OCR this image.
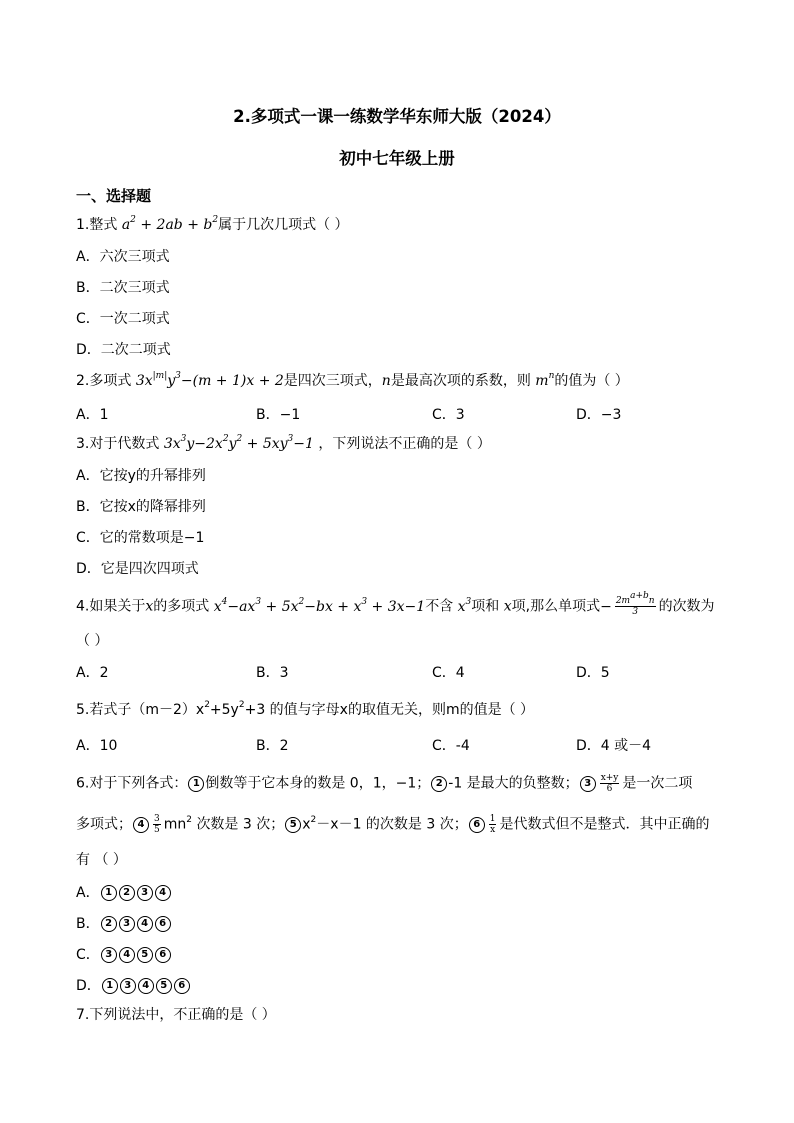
2.多项式一课一练数学华东师大版（2024）
初中七年级上册
一、选择题
1.整式 $a^2 + 2ab + b^2$属于几次几项式（ ）
A．六次三项式
B．二次三项式
C．一次二项式
D．二次二项式
2.多项式 $3x^{|m|}y^3-(m + 1)x + 2$是四次三项式，n是最高次项的系数，则 $m^n$的值为（ ）
A．1	B．−1	C．3	D．−3
3.对于代数式 $3x^3y-2x^2y^2 + 5xy^3-1$ ，下列说法不正确的是（ ）
A．它按y的升幂排列
B．它按x的降幂排列
C．它的常数项是−1
D．它是四次四项式
4.如果关于x的多项式 $x^4-ax^3 + 5x^2-bx + x^3 + 3x-1$不含 $x^3$项和 x项,那么单项式− $\frac{2m^{a+b}n}{3}$ 的次数为
（ ）
A．2	B．3	C．4	D．5
5.若式子$(m-2)x^2+5y^2+3$ 的值与字母x的取值无关，则m的值是（ ）
A．10	B．2	C．-4	D．4 或－4
6.对于下列各式： 1 倒数等于它本身的数是 0，1，−1； 2 -1 是最大的负整数； $3 \frac{x+y}{6}$ 是一次二项
多项式； $4 \frac{3}{5} mn^2$ 次数是 3 次； 5 $x^2-x-1$ 的次数是 3 次； $6 \frac{1}{x}$ 是代数式但不是整式．其中正确的
有 （ ）
A． 1 2 3 4
B． 2 3 4 6
C． 3 4 5 6
D． 1 3 4 5 6
7.下列说法中，不正确的是（ ）
